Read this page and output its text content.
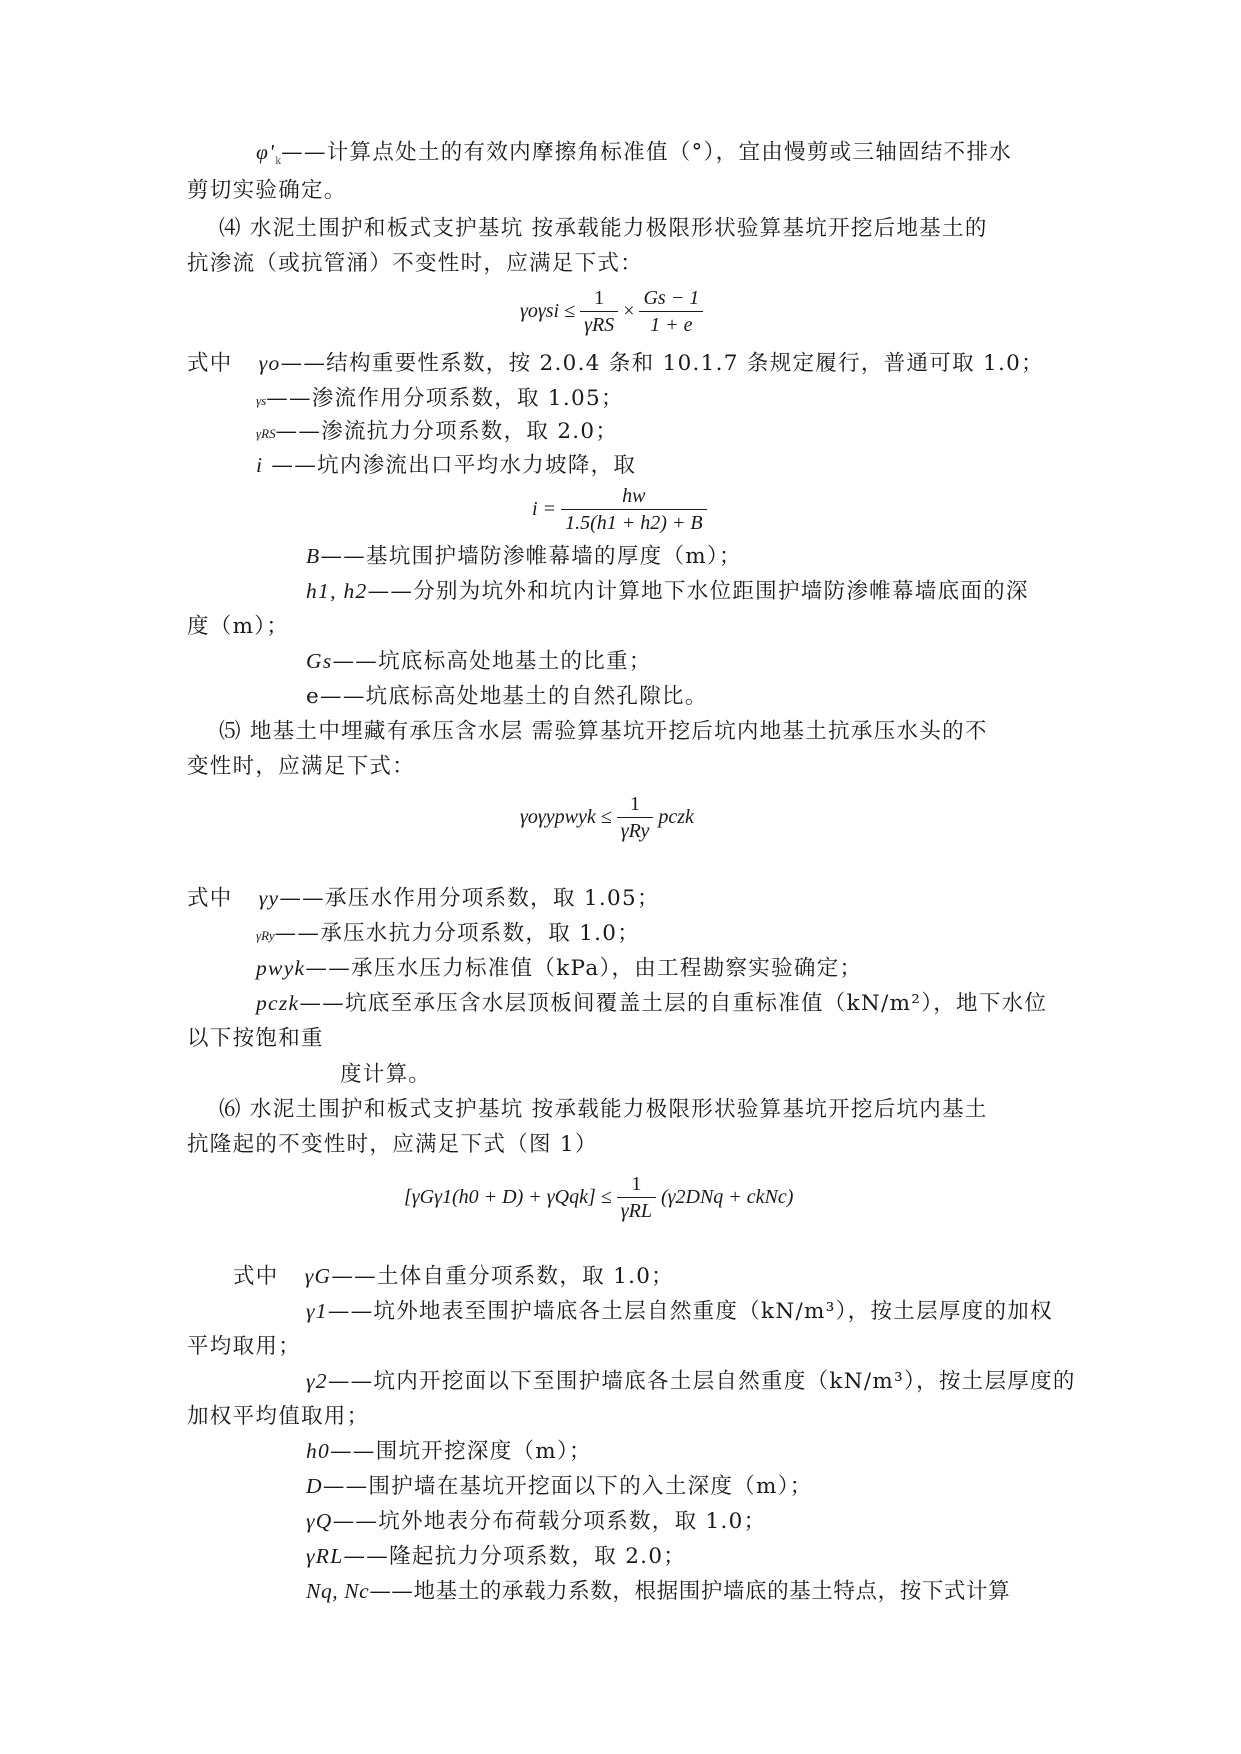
$\varphi'_k——$计算点处土的有效内摩擦角标准值（°），宜由慢剪或三轴固结不排水
剪切实验确定。
⑷ 水泥土围护和板式支护基坑 按承载能力极限形状验算基坑开挖后地基土的
抗渗流（或抗管涌）不变性时，应满足下式：
$\gamma o\gamma si \le \frac{1}{\text{γRS}} \times \frac{Gs - 1}{1 + e}$
式中 γo——结构重要性系数，按 2.0.4 条和 10.1.7 条规定履行，普通可取 1.0；
γs——渗流作用分项系数，取 1.05；
γRS——渗流抗力分项系数，取 2.0；
i ——坑内渗流出口平均水力坡降，取
$i = \frac{hw}{1.5(h1 + h2) + B}$
B——基坑围护墙防渗帷幕墙的厚度（m）；
h1, h2——分别为坑外和坑内计算地下水位距围护墙防渗帷幕墙底面的深
度（m）；
Gs——坑底标高处地基土的比重；
e——坑底标高处地基土的自然孔隙比。
⑸ 地基土中埋藏有承压含水层 需验算基坑开挖后坑内地基土抗承压水头的不
变性时，应满足下式：
γoγypwyk ≤ $\frac{1}{\text{γRy}}$ pczk
式中 γy——承压水作用分项系数，取 1.05；
γRy——承压水抗力分项系数，取 1.0；
pwyk——承压水压力标准值（kPa），由工程勘察实验确定；
pczk——坑底至承压含水层顶板间覆盖土层的自重标准值（kN/m²），地下水位
以下按饱和重
度计算。
⑹ 水泥土围护和板式支护基坑 按承载能力极限形状验算基坑开挖后坑内基土
抗隆起的不变性时，应满足下式（图 1）
$[\gamma G\gamma 1(h0 + D) + \gamma Qqk] \le \frac{1}{\text{γRL}} (\gamma 2DNq$ + ckNc)
式中 γG——土体自重分项系数，取 1.0；
γ1——坑外地表至围护墙底各土层自然重度（kN/m³），按土层厚度的加权
平均取用；
γ2——坑内开挖面以下至围护墙底各土层自然重度（kN/m³），按土层厚度的
加权平均值取用；
h0——围坑开挖深度（m）；
D——围护墙在基坑开挖面以下的入土深度（m）；
γQ——坑外地表分布荷载分项系数，取 1.0；
γRL——隆起抗力分项系数，取 2.0；
Nq, Nc——地基土的承载力系数，根据围护墙底的基土特点，按下式计算
